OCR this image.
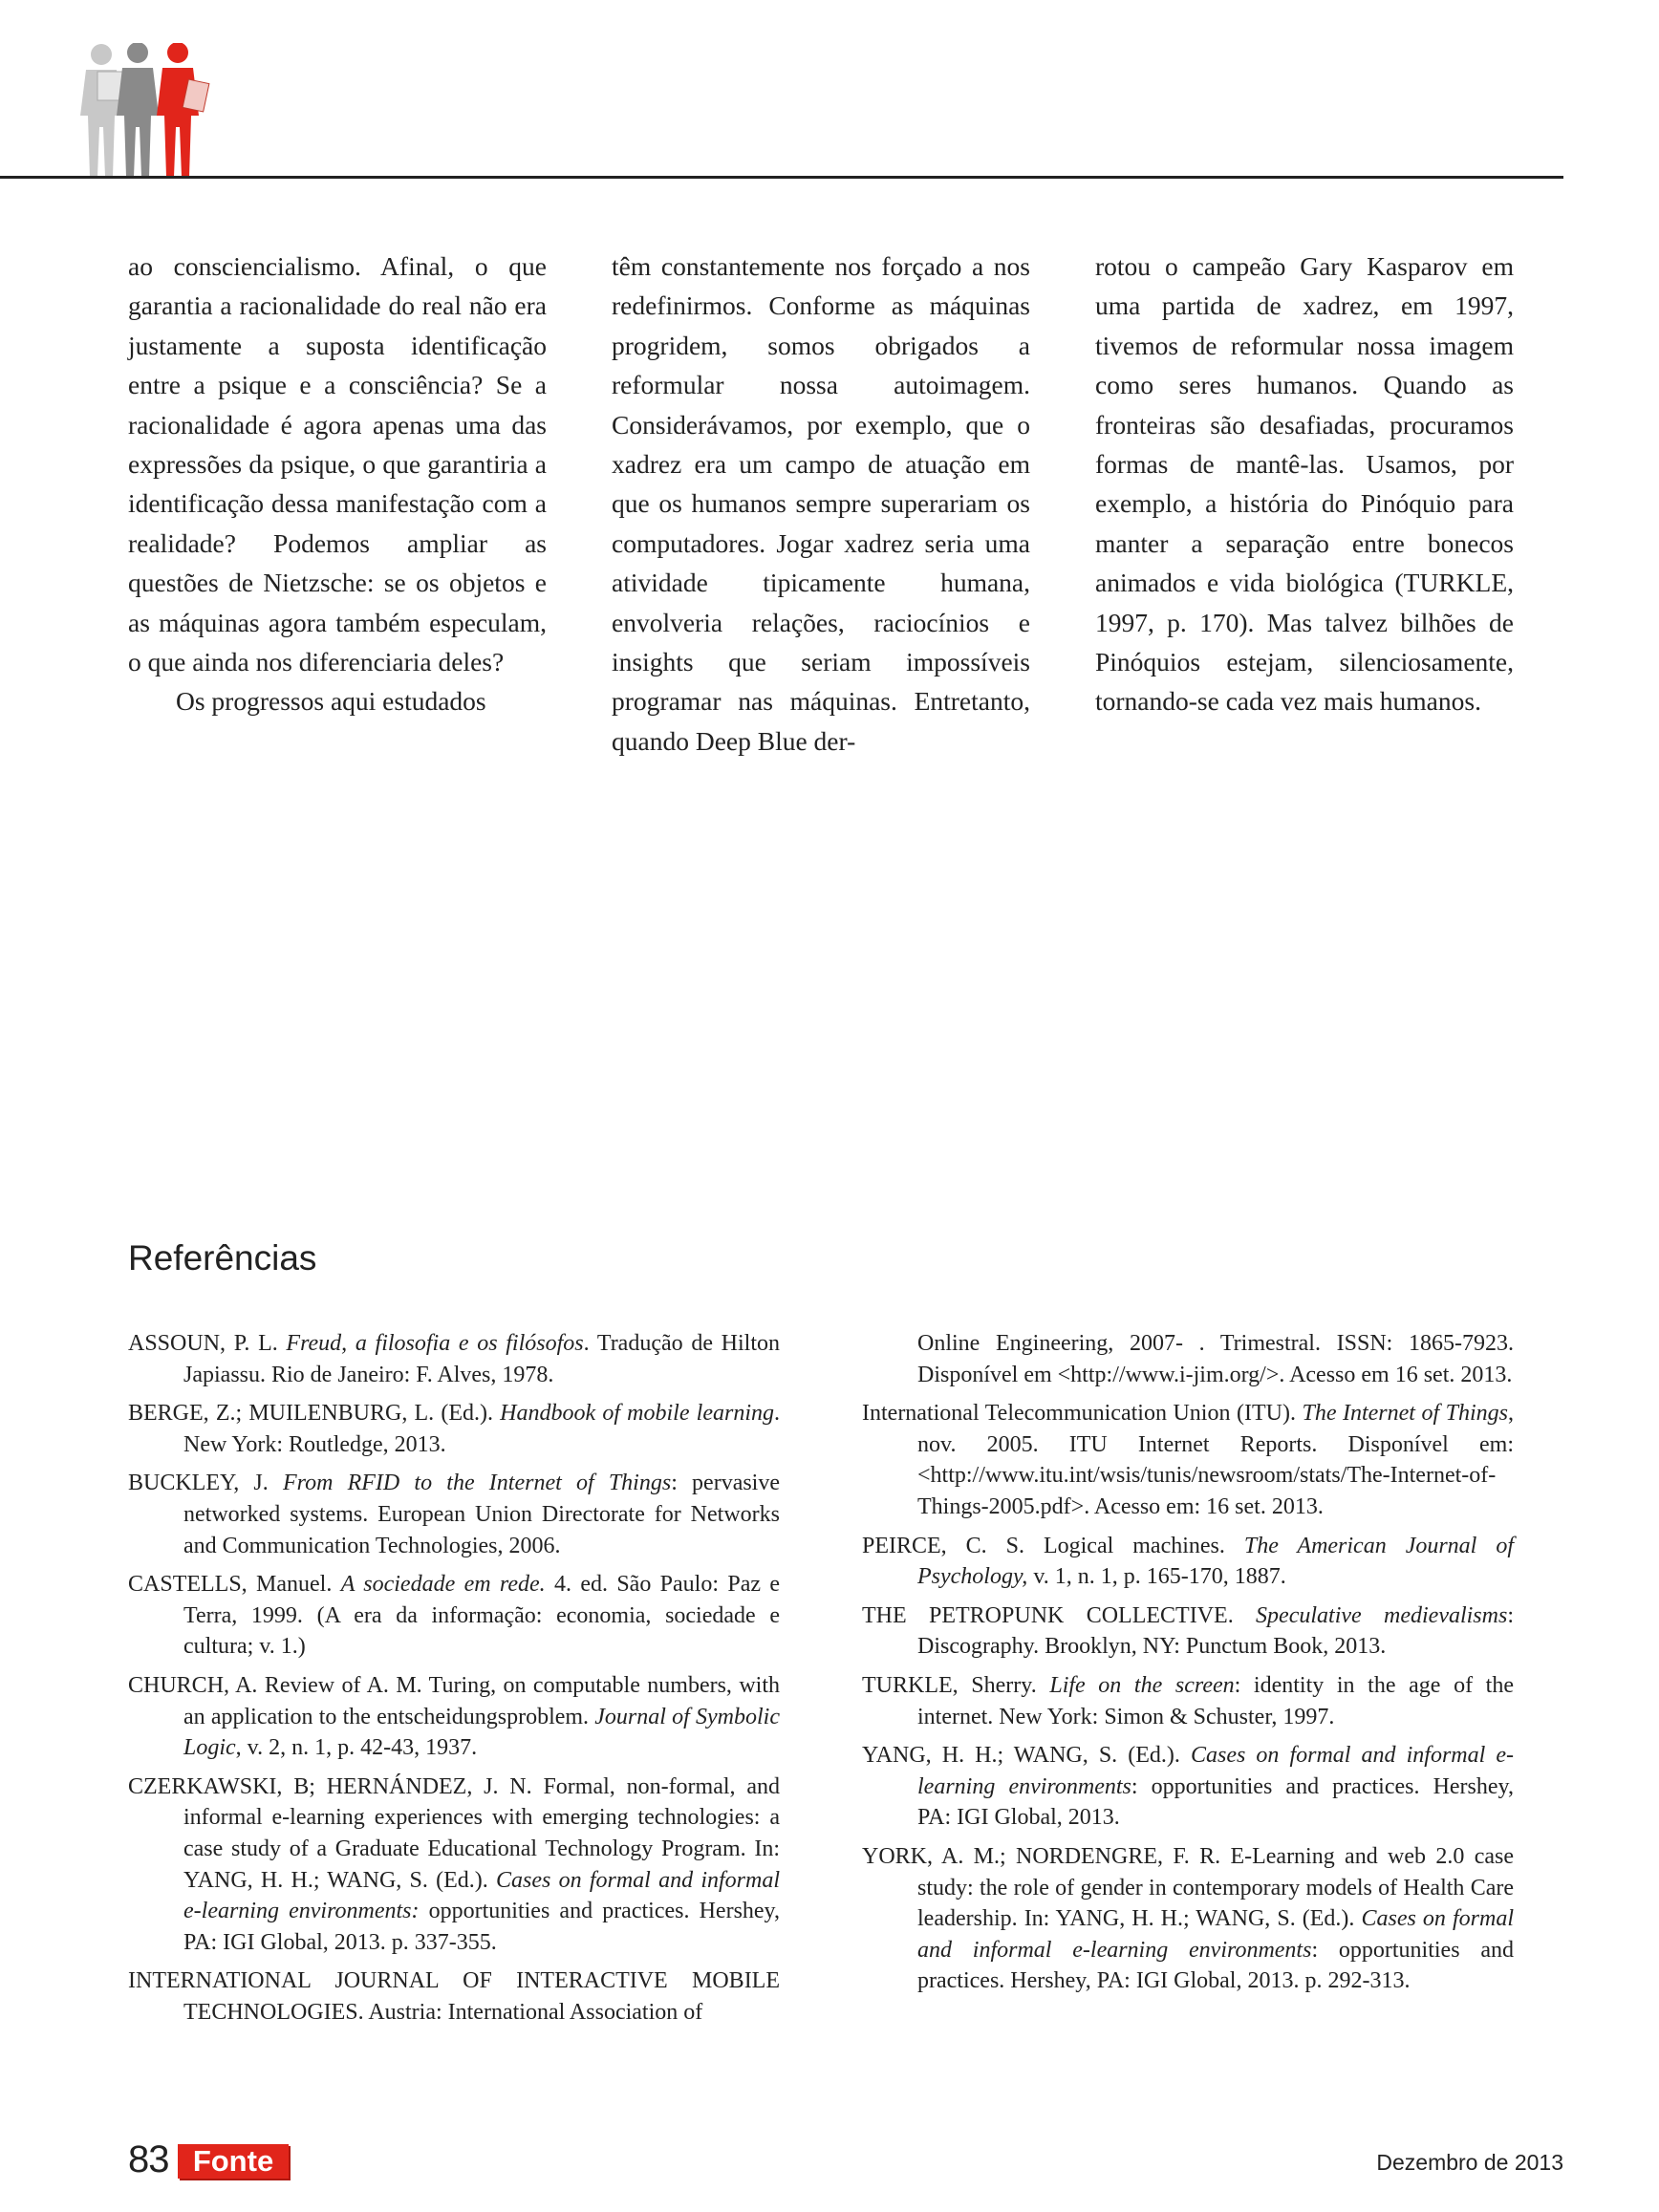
ao consciencialismo. Afinal, o que garantia a racionalidade do real não era justamente a suposta identificação entre a psique e a consciência? Se a racionalidade é agora apenas uma das expressões da psique, o que garantiria a identificação dessa manifestação com a realidade? Podemos ampliar as questões de Nietzsche: se os objetos e as máquinas agora também especulam, o que ainda nos diferenciaria deles?

Os progressos aqui estudados

têm constantemente nos forçado a nos redefinirmos. Conforme as máquinas progridem, somos obrigados a reformular nossa autoimagem. Considerávamos, por exemplo, que o xadrez era um campo de atuação em que os humanos sempre superariam os computadores. Jogar xadrez seria uma atividade tipicamente humana, envolveria relações, raciocínios e insights que seriam impossíveis programar nas máquinas. Entretanto, quando Deep Blue der-

rotou o campeão Gary Kasparov em uma partida de xadrez, em 1997, tivemos de reformular nossa imagem como seres humanos. Quando as fronteiras são desafiadas, procuramos formas de mantê-las. Usamos, por exemplo, a história do Pinóquio para manter a separação entre bonecos animados e vida biológica (TURKLE, 1997, p. 170). Mas talvez bilhões de Pinóquios estejam, silenciosamente, tornando-se cada vez mais humanos.

Referências
ASSOUN, P. L. Freud, a filosofia e os filósofos. Tradução de Hilton Japiassu. Rio de Janeiro: F. Alves, 1978.
BERGE, Z.; MUILENBURG, L. (Ed.). Handbook of mobile learning. New York: Routledge, 2013.
BUCKLEY, J. From RFID to the Internet of Things: pervasive networked systems. European Union Directorate for Networks and Communication Technologies, 2006.
CASTELLS, Manuel. A sociedade em rede. 4. ed. São Paulo: Paz e Terra, 1999. (A era da informação: economia, sociedade e cultura; v. 1.)
CHURCH, A. Review of A. M. Turing, on computable numbers, with an application to the entscheidungsproblem. Journal of Symbolic Logic, v. 2, n. 1, p. 42-43, 1937.
CZERKAWSKI, B; HERNÁNDEZ, J. N. Formal, non-formal, and informal e-learning experiences with emerging technologies: a case study of a Graduate Educational Technology Program. In: YANG, H. H.; WANG, S. (Ed.). Cases on formal and informal e-learning environments: opportunities and practices. Hershey, PA: IGI Global, 2013. p. 337-355.
INTERNATIONAL JOURNAL OF INTERACTIVE MOBILE TECHNOLOGIES. Austria: International Association of
Online Engineering, 2007- . Trimestral. ISSN: 1865-7923. Disponível em <http://www.i-jim.org/>. Acesso em 16 set. 2013.
International Telecommunication Union (ITU). The Internet of Things, nov. 2005. ITU Internet Reports. Disponível em: <http://www.itu.int/wsis/tunis/newsroom/stats/The-Internet-of-Things-2005.pdf>. Acesso em: 16 set. 2013.
PEIRCE, C. S. Logical machines. The American Journal of Psychology, v. 1, n. 1, p. 165-170, 1887.
THE PETROPUNK COLLECTIVE. Speculative medievalisms: Discography. Brooklyn, NY: Punctum Book, 2013.
TURKLE, Sherry. Life on the screen: identity in the age of the internet. New York: Simon & Schuster, 1997.
YANG, H. H.; WANG, S. (Ed.). Cases on formal and informal e-learning environments: opportunities and practices. Hershey, PA: IGI Global, 2013.
YORK, A. M.; NORDENGRE, F. R. E-Learning and web 2.0 case study: the role of gender in contemporary models of Health Care leadership. In: YANG, H. H.; WANG, S. (Ed.). Cases on formal and informal e-learning environments: opportunities and practices. Hershey, PA: IGI Global, 2013. p. 292-313.
83 Fonte	Dezembro de 2013
